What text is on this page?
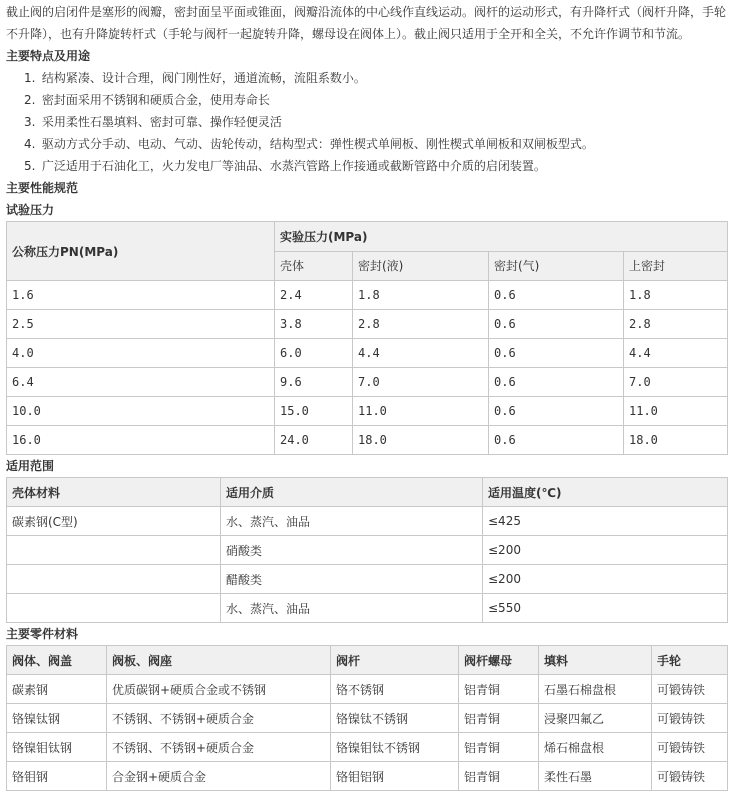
截止阀的启闭件是塞形的阀瓣，密封面呈平面或锥面，阀瓣沿流体的中心线作直线运动。阀杆的运动形式，有升降杆式（阀杆升降，手轮不升降），也有升降旋转杆式（手轮与阀杆一起旋转升降，螺母设在阀体上）。截止阀只适用于全开和全关，不允许作调节和节流。

主要特点及用途
1. 结构紧凑、设计合理，阀门刚性好，通道流畅，流阻系数小。
2. 密封面采用不锈钢和硬质合金，使用寿命长
3. 采用柔性石墨填料、密封可靠、操作轻便灵活
4. 驱动方式分手动、电动、气动、齿轮传动，结构型式：弹性楔式单闸板、刚性楔式单闸板和双闸板型式。
5. 广泛适用于石油化工，火力发电厂等油品、水蒸汽管路上作接通或截断管路中介质的启闭装置。
主要性能规范
试验压力
公称压力PN(MPa)	实验压力(MPa)			
	壳体	密封(液)	密封(气)	上密封
1.6	2.4	1.8	0.6	1.8
2.5	3.8	2.8	0.6	2.8
4.0	6.0	4.4	0.6	4.4
6.4	9.6	7.0	0.6	7.0
10.0	15.0	11.0	0.6	11.0
16.0	24.0	18.0	0.6	18.0
适用范围
壳体材料	适用介质	适用温度(℃)
碳素钢(C型)	水、蒸汽、油品	≤425
	硝酸类	≤200
	醋酸类	≤200
	水、蒸汽、油品	≤550
主要零件材料
阀体、阀盖	阀板、阀座	阀杆	阀杆螺母	填料	手轮
碳素钢	优质碳钢+硬质合金或不锈钢	铬不锈钢	铝青铜	石墨石棉盘根	可锻铸铁
铬镍钛钢	不锈钢、不锈钢+硬质合金	铬镍钛不锈钢	铝青铜	浸聚四氟乙	可锻铸铁
铬镍钼钛钢	不锈钢、不锈钢+硬质合金	铬镍钼钛不锈钢	铝青铜	烯石棉盘根	可锻铸铁
铬钼钢	合金钢+硬质合金	铬钼铝钢	铝青铜	柔性石墨	可锻铸铁
